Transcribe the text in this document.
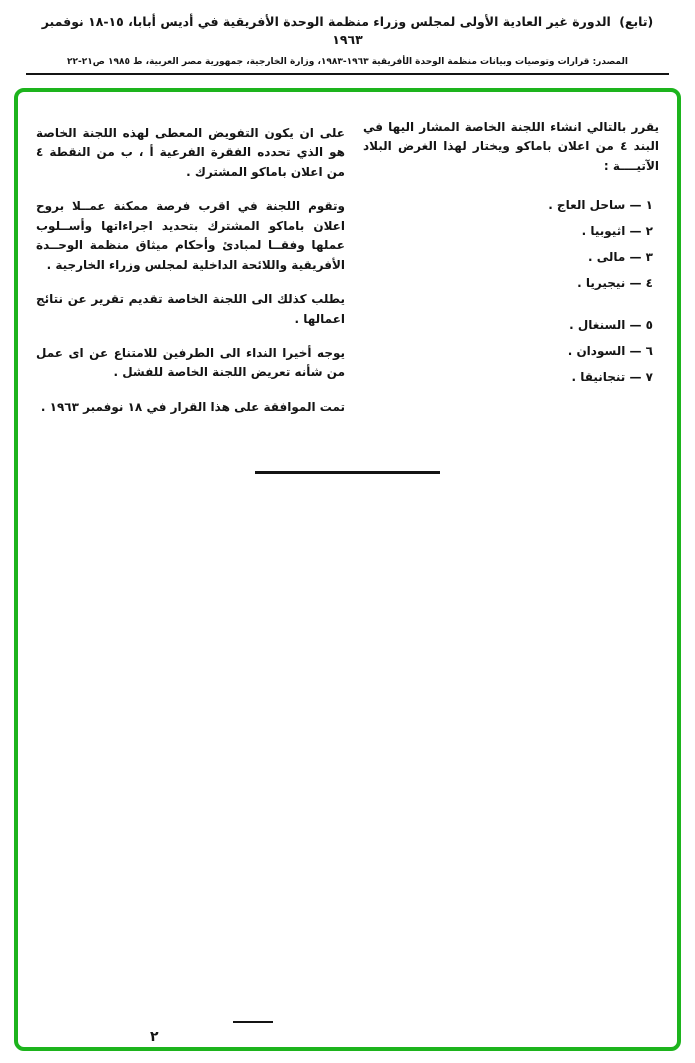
(تابع) الدورة غير العادية الأولى لمجلس وزراء منظمة الوحدة الأفريقية في أديس أبابا، ١٥-١٨ نوفمبر ١٩٦٣
المصدر: قرارات وتوصيات وبيانات منظمة الوحدة الأفريقية ١٩٦٣-١٩٨٣، وزارة الخارجية، جمهورية مصر العربية، ط ١٩٨٥ ص٢١-٢٢

يقرر بالتالي انشاء اللجنة الخاصة المشار اليها في البند ٤ من اعلان باماكو ويختار لهذا الغرض البلاد الآتيــــة :

١ — ساحل العاج .
٢ — اثيوبيا .
٣ — مالى .
٤ — نيجيريا .
٥ — السنغال .
٦ — السودان .
٧ — تنجانيقا .

على ان يكون التفويض المعطى لهذه اللجنة الخاصة هو الذي تحدده الفقرة الفرعية أ ، ب من النقطة ٤ من اعلان باماكو المشترك .

وتقوم اللجنة في اقرب فرصة ممكنة عمــلا بروح اعلان باماكو المشترك بتحديد اجراءاتها وأســلوب عملها وفقــا لمبادئ وأحكام ميثاق منظمة الوحــدة الأفريقية واللائحة الداخلية لمجلس وزراء الخارجية .

يطلب كذلك الى اللجنة الخاصة تقديم تقرير عن نتائج اعمالها .

يوجه أخيرا النداء الى الطرفين للامتناع عن اى عمل من شأنه تعريض اللجنة الخاصة للفشل .

تمت الموافقة على هذا القرار في ١٨ نوفمبر ١٩٦٣ .

٢
